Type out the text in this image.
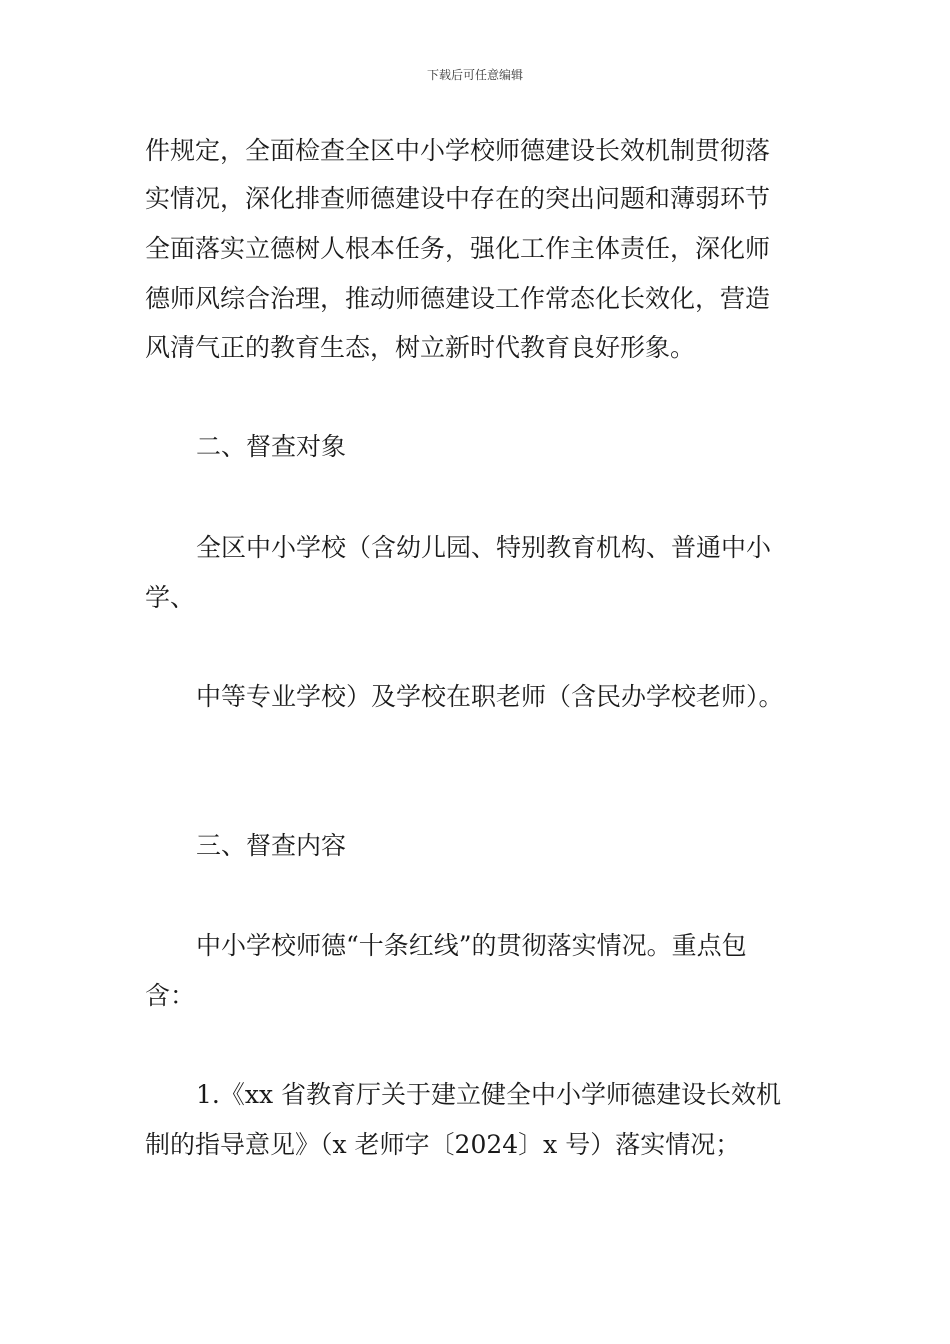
下载后可任意编辑
件规定，全面检查全区中小学校师德建设长效机制贯彻落
实情况，深化排查师德建设中存在的突出问题和薄弱环节
全面落实立德树人根本任务，强化工作主体责任，深化师
德师风综合治理，推动师德建设工作常态化长效化，营造
风清气正的教育生态，树立新时代教育良好形象。
二、督查对象
全区中小学校（含幼儿园、特别教育机构、普通中小
学、
中等专业学校）及学校在职老师（含民办学校老师）。
三、督查内容
中小学校师德“十条红线”的贯彻落实情况。重点包
含：
1.《xx 省教育厅关于建立健全中小学师德建设长效机
制的指导意见》（x 老师字〔2024〕x 号）落实情况；
